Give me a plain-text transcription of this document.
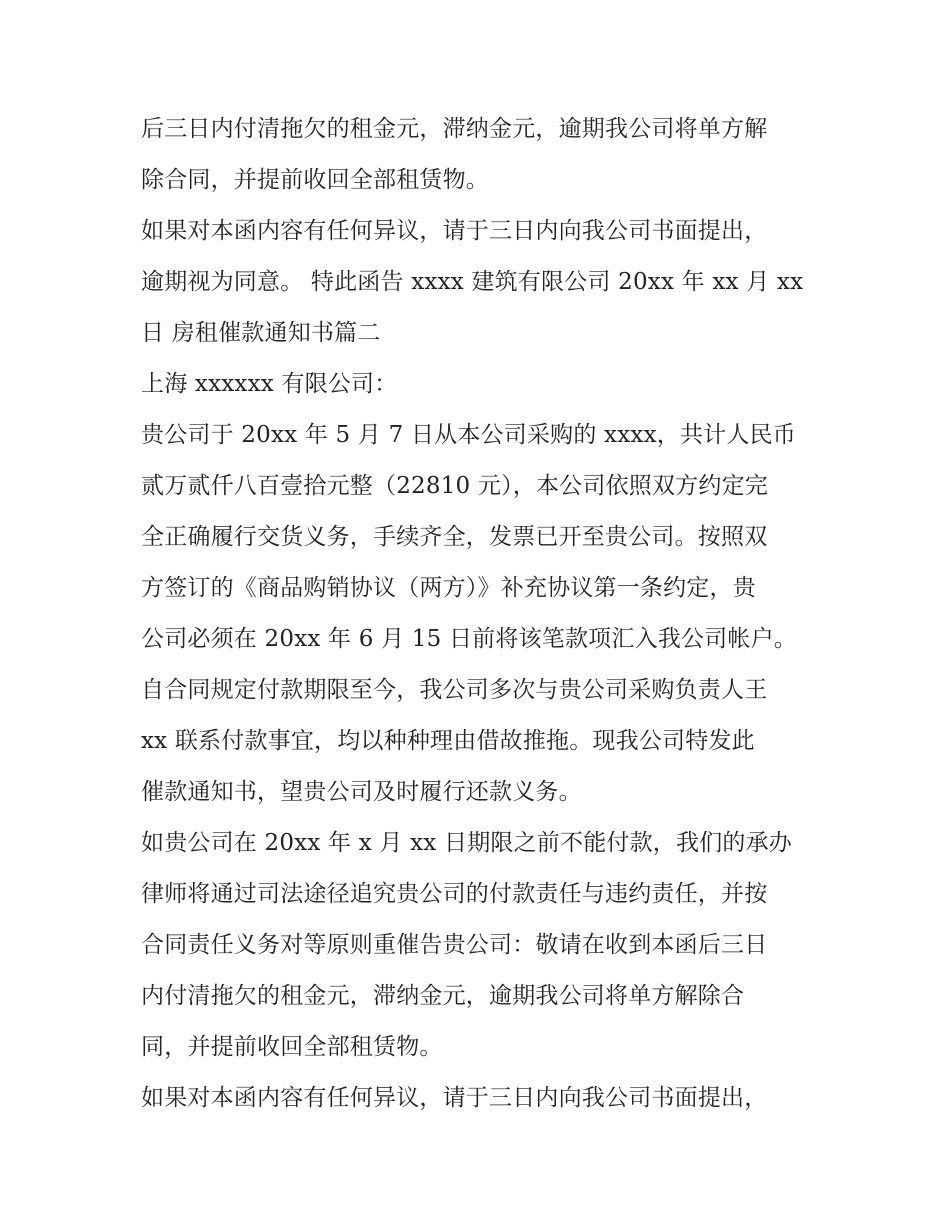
后三日内付清拖欠的租金元，滞纳金元，逾期我公司将单方解
除合同，并提前收回全部租赁物。
如果对本函内容有任何异议，请于三日内向我公司书面提出，
逾期视为同意。 特此函告 xxxx 建筑有限公司 20xx 年 xx 月 xx
日 房租催款通知书篇二
上海 xxxxxx 有限公司：
贵公司于 20xx 年 5 月 7 日从本公司采购的 xxxx，共计人民币
贰万贰仟八百壹拾元整（22810 元），本公司依照双方约定完
全正确履行交货义务，手续齐全，发票已开至贵公司。按照双
方签订的《商品购销协议（两方）》补充协议第一条约定，贵
公司必须在 20xx 年 6 月 15 日前将该笔款项汇入我公司帐户。
自合同规定付款期限至今，我公司多次与贵公司采购负责人王
xx 联系付款事宜，均以种种理由借故推拖。现我公司特发此
催款通知书，望贵公司及时履行还款义务。
如贵公司在 20xx 年 x 月 xx 日期限之前不能付款，我们的承办
律师将通过司法途径追究贵公司的付款责任与违约责任，并按
合同责任义务对等原则重催告贵公司：敬请在收到本函后三日
内付清拖欠的租金元，滞纳金元，逾期我公司将单方解除合
同，并提前收回全部租赁物。
如果对本函内容有任何异议，请于三日内向我公司书面提出，
